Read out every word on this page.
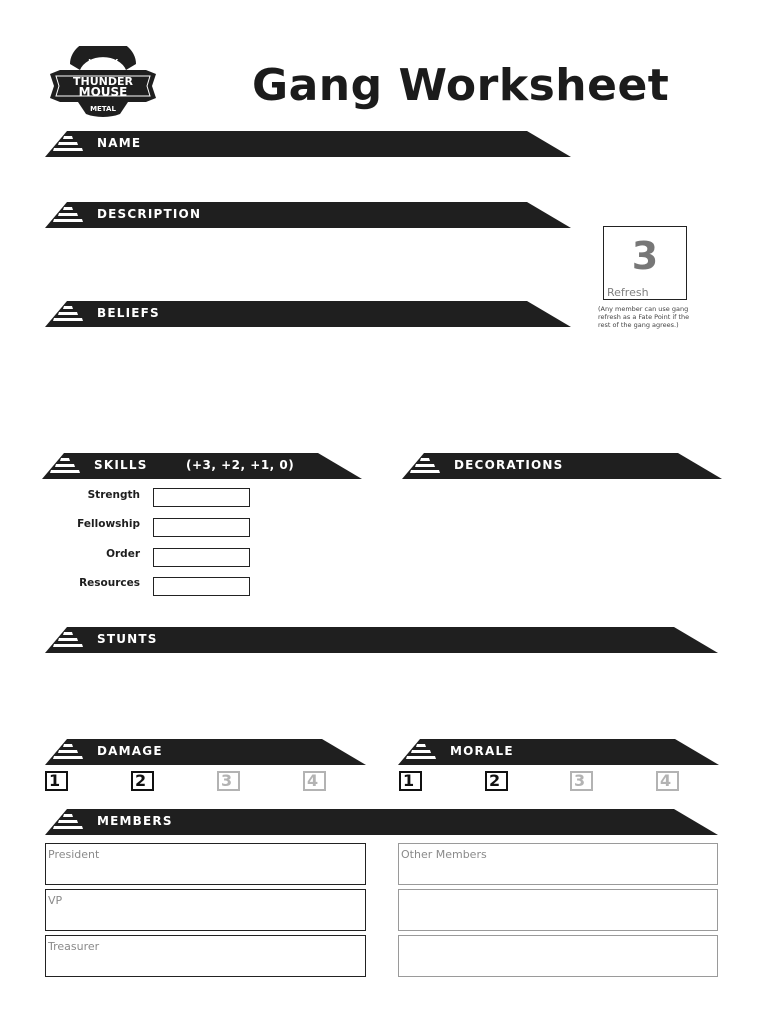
HEAVY
THUNDER
MOUSE
METAL	Gang Worksheet
NAME
DESCRIPTION
3
Refresh
(Any member can use gang refresh as a Fate Point if the rest of the gang agrees.)
BELIEFS
SKILLS	(+3, +2, +1, 0)	DECORATIONS
Strength
Fellowship
Order
Resources
STUNTS
DAMAGE	MORALE
1	2	3	4	1	2	3	4
MEMBERS
President
VP
Treasurer
Other Members
